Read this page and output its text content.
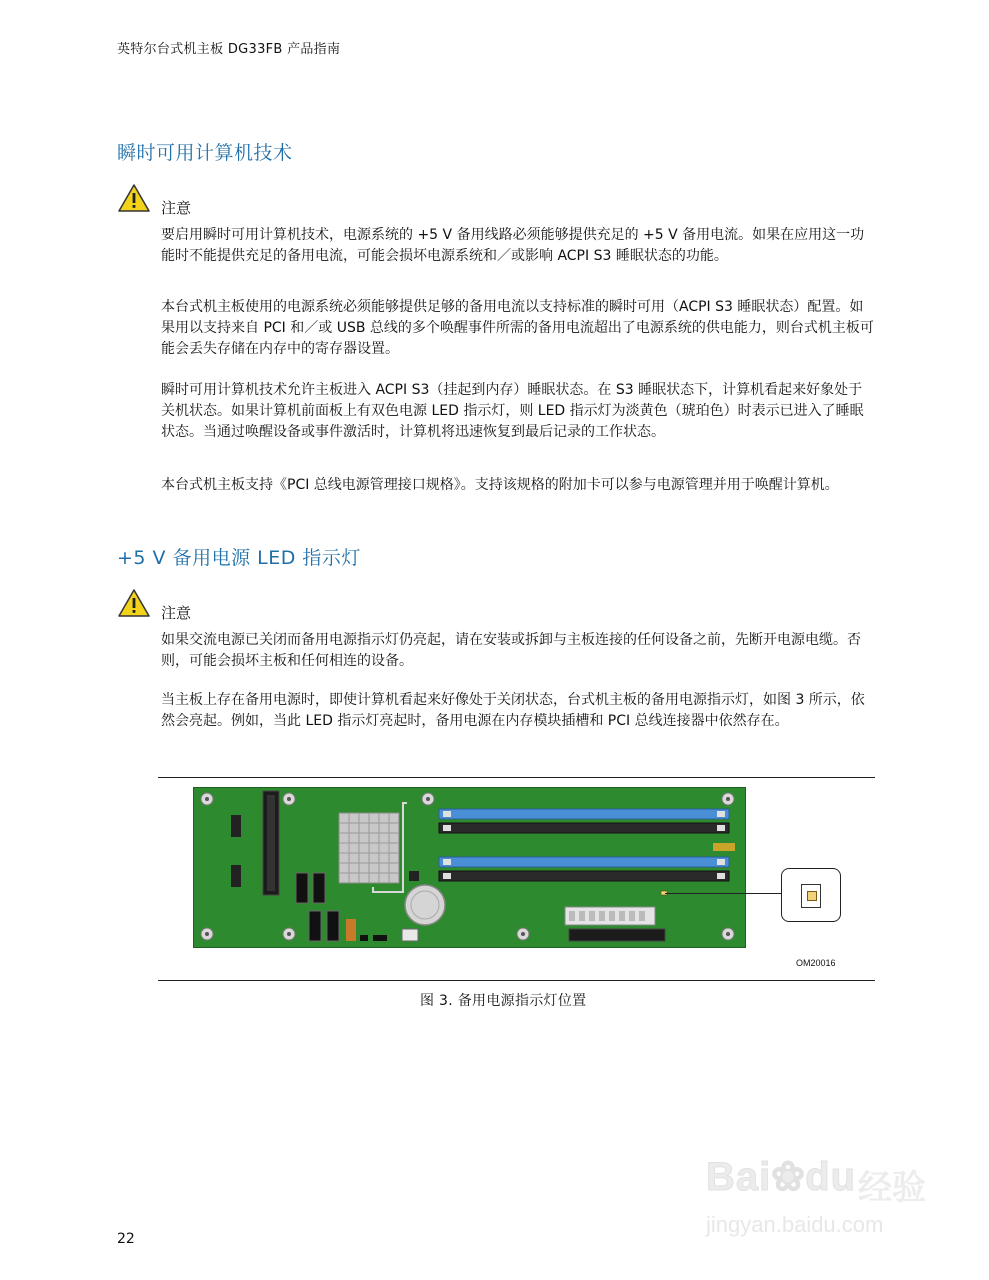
英特尔台式机主板 DG33FB 产品指南
瞬时可用计算机技术
注意

要启用瞬时可用计算机技术，电源系统的 +5 V 备用线路必须能够提供充足的 +5 V 备用电流。如果在应用这一功能时不能提供充足的备用电流，可能会损坏电源系统和／或影响 ACPI S3 睡眠状态的功能。

本台式机主板使用的电源系统必须能够提供足够的备用电流以支持标准的瞬时可用（ACPI S3 睡眠状态）配置。如果用以支持来自 PCI 和／或 USB 总线的多个唤醒事件所需的备用电流超出了电源系统的供电能力，则台式机主板可能会丢失存储在内存中的寄存器设置。

瞬时可用计算机技术允许主板进入 ACPI S3（挂起到内存）睡眠状态。在 S3 睡眠状态下，计算机看起来好象处于关机状态。如果计算机前面板上有双色电源 LED 指示灯，则 LED 指示灯为淡黄色（琥珀色）时表示已进入了睡眠状态。当通过唤醒设备或事件激活时，计算机将迅速恢复到最后记录的工作状态。

本台式机主板支持《PCI 总线电源管理接口规格》。支持该规格的附加卡可以参与电源管理并用于唤醒计算机。

+5 V 备用电源 LED 指示灯
注意

如果交流电源已关闭而备用电源指示灯仍亮起，请在安装或拆卸与主板连接的任何设备之前，先断开电源电缆。否则，可能会损坏主板和任何相连的设备。

当主板上存在备用电源时，即使计算机看起来好像处于关闭状态，台式机主板的备用电源指示灯，如图 3 所示，依然会亮起。例如，当此 LED 指示灯亮起时，备用电源在内存模块插槽和 PCI 总线连接器中依然存在。

OM20016
图 3. 备用电源指示灯位置
22
Bai❀du 经验
jingyan.baidu.com
